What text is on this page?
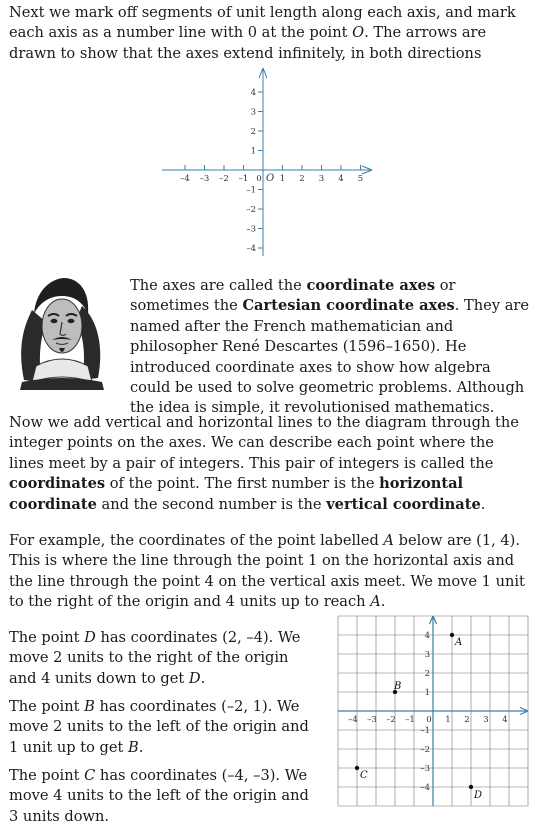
Next we mark off segments of unit length along each axis, and mark each axis as a number line with 0 at the point O. The arrows are drawn to show that the axes extend infinitely, in both directions

–4 –3 –2 –1 0 1 2 3 4 5
4
3
2
1
–1
–2
–3
–4
O

The axes are called the coordinate axes or sometimes the Cartesian coordinate axes. They are named after the French mathematician and philosopher René Descartes (1596–1650). He introduced coordinate axes to show how algebra could be used to solve geometric problems. Although the idea is simple, it revolutionised mathematics.

Now we add vertical and horizontal lines to the diagram through the integer points on the axes. We can describe each point where the lines meet by a pair of integers. This pair of integers is called the coordinates of the point. The first number is the horizontal coordinate and the second number is the vertical coordinate.

For example, the coordinates of the point labelled A below are (1, 4). This is where the line through the point 1 on the horizontal axis and the line through the point 4 on the vertical axis meet. We move 1 unit to the right of the origin and 4 units up to reach A.

The point D has coordinates (2, –4). We move 2 units to the right of the origin and 4 units down to get D.

The point B has coordinates (–2, 1). We move 2 units to the left of the origin and 1 unit up to get B.

The point C has coordinates (–4, –3). We move 4 units to the left of the origin and 3 units down.

–4 –3 –2 –1 0 1 2 3 4
4
3
2
1
–1
–2
–3
–4
A
B
C
D
